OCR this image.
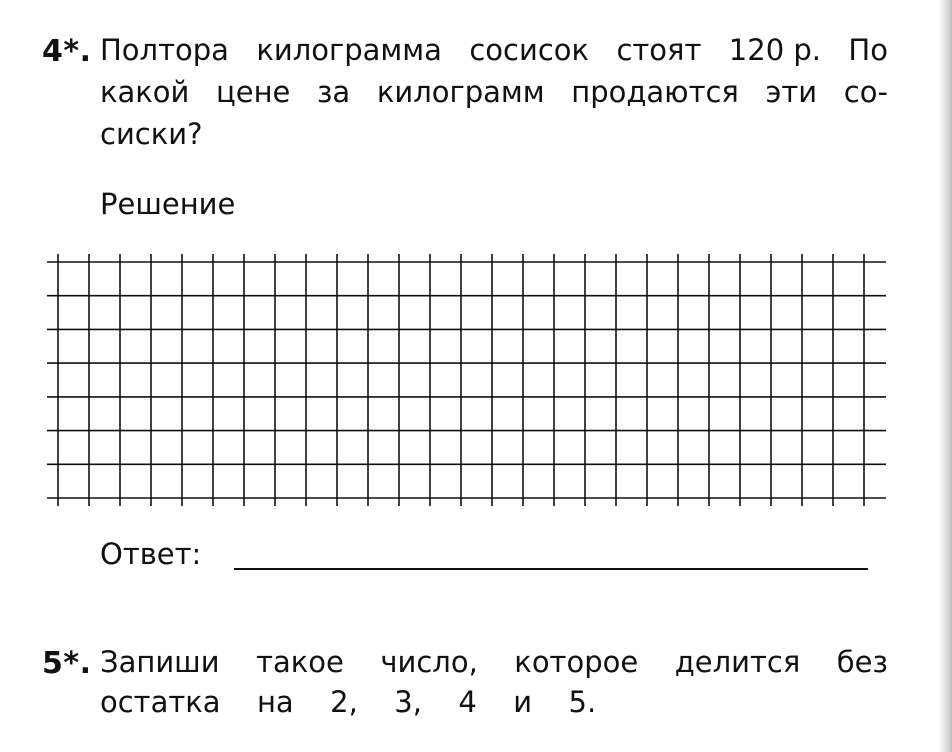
4*. Полтора килограмма сосисок стоят 120 р. По
какой цене за килограмм продаются эти со-
сиски?
Решение
Ответ:
5*. Запиши такое число, которое делится без
остатка на 2, 3, 4 и 5.
